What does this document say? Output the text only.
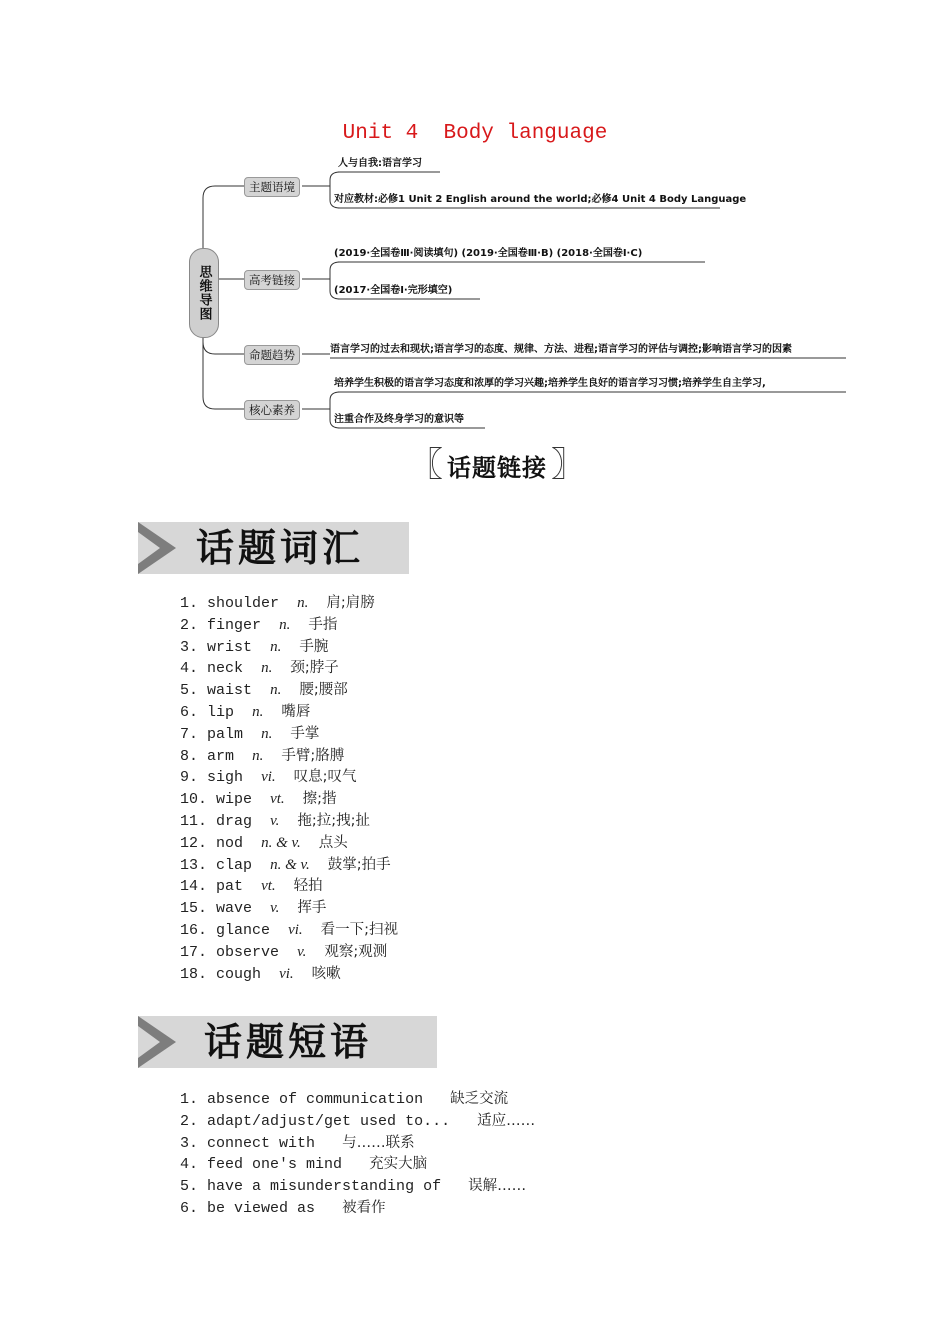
Unit 4  Body language
思维导图
主题语境
人与自我:语言学习
对应教材:必修1 Unit 2 English around the world;必修4 Unit 4 Body Language
高考链接
(2019·全国卷Ⅲ·阅读填句) (2019·全国卷Ⅲ·B) (2018·全国卷Ⅰ·C)
(2017·全国卷Ⅰ·完形填空)
命题趋势	语言学习的过去和现状;语言学习的态度、规律、方法、进程;语言学习的评估与调控;影响语言学习的因素
核心素养
培养学生积极的语言学习态度和浓厚的学习兴趣;培养学生良好的语言学习习惯;培养学生自主学习,
注重合作及终身学习的意识等
〖 话题链接 〗
话题词汇
1. shoulder n. 肩;肩膀
2. finger n. 手指
3. wrist n. 手腕
4. neck n. 颈;脖子
5. waist n. 腰;腰部
6. lip n. 嘴唇
7. palm n. 手掌
8. arm n. 手臂;胳膊
9. sigh vi. 叹息;叹气
10. wipe vt. 擦;揩
11. drag v. 拖;拉;拽;扯
12. nod n. & v. 点头
13. clap n. & v. 鼓掌;拍手
14. pat vt. 轻拍
15. wave v. 挥手
16. glance vi. 看一下;扫视
17. observe v. 观察;观测
18. cough vi. 咳嗽
话题短语
1. absence of communication 缺乏交流
2. adapt/adjust/get used to... 适应……
3. connect with 与……联系
4. feed one's mind 充实大脑
5. have a misunderstanding of 误解……
6. be viewed as 被看作
